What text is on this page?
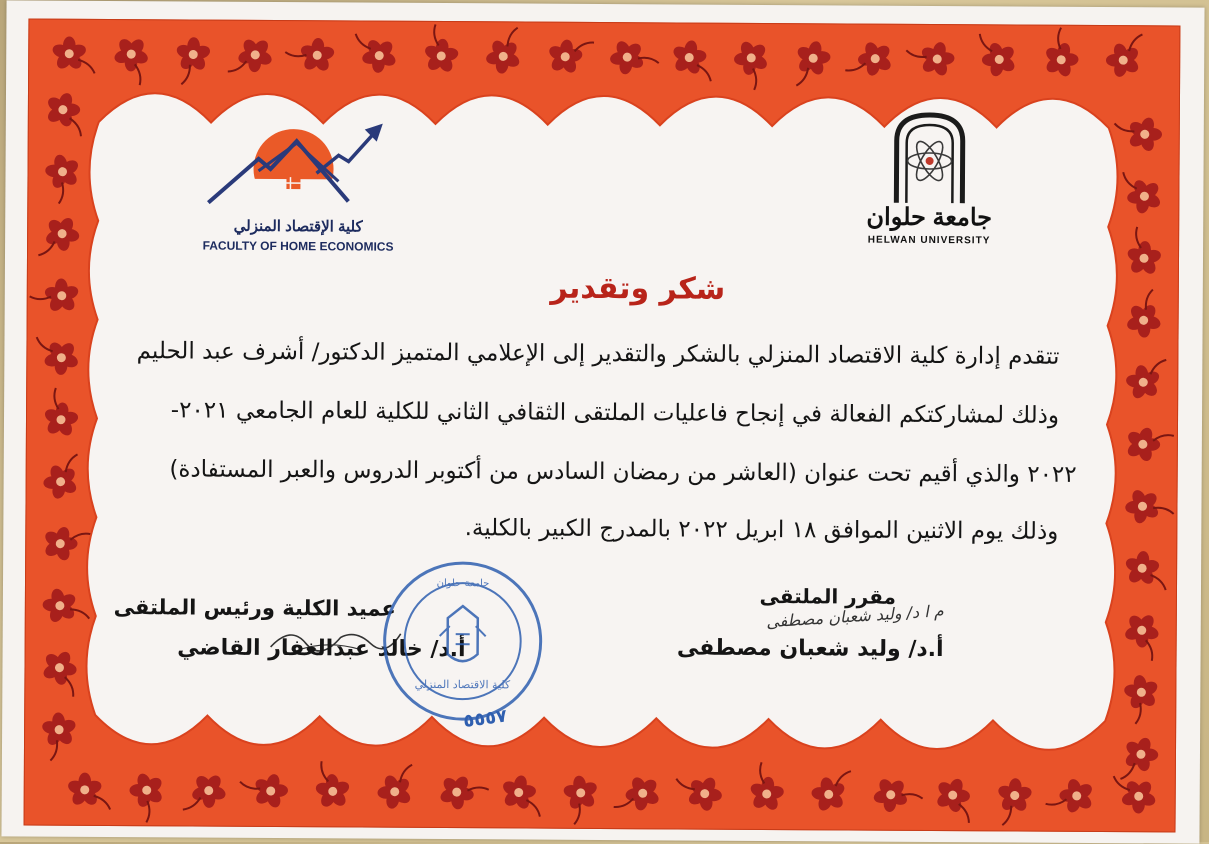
كلية الإقتصاد المنزلي
FACULTY OF HOME ECONOMICS
جامعة حلوان
HELWAN UNIVERSITY
شكر وتقدير
تتقدم إدارة كلية الاقتصاد المنزلي بالشكر والتقدير إلى الإعلامي المتميز الدكتور/ أشرف عبد الحليم
وذلك لمشاركتكم الفعالة في إنجاح فاعليات الملتقى الثقافي الثاني للكلية للعام الجامعي ٢٠٢١-
٢٠٢٢ والذي أقيم تحت عنوان (العاشر من رمضان السادس من أكتوبر الدروس والعبر المستفادة)
وذلك يوم الاثنين الموافق ١٨ ابريل ٢٠٢٢ بالمدرج الكبير بالكلية.
مقرر الملتقى
م ا د/ وليد شعبان مصطفى
أ.د/ وليد شعبان مصطفى
عميد الكلية ورئيس الملتقى
أ.د/ خالد عبدالغفار القاضي
كلية الاقتصاد المنزلي
جامعة حلوان
٥٥٥٧
